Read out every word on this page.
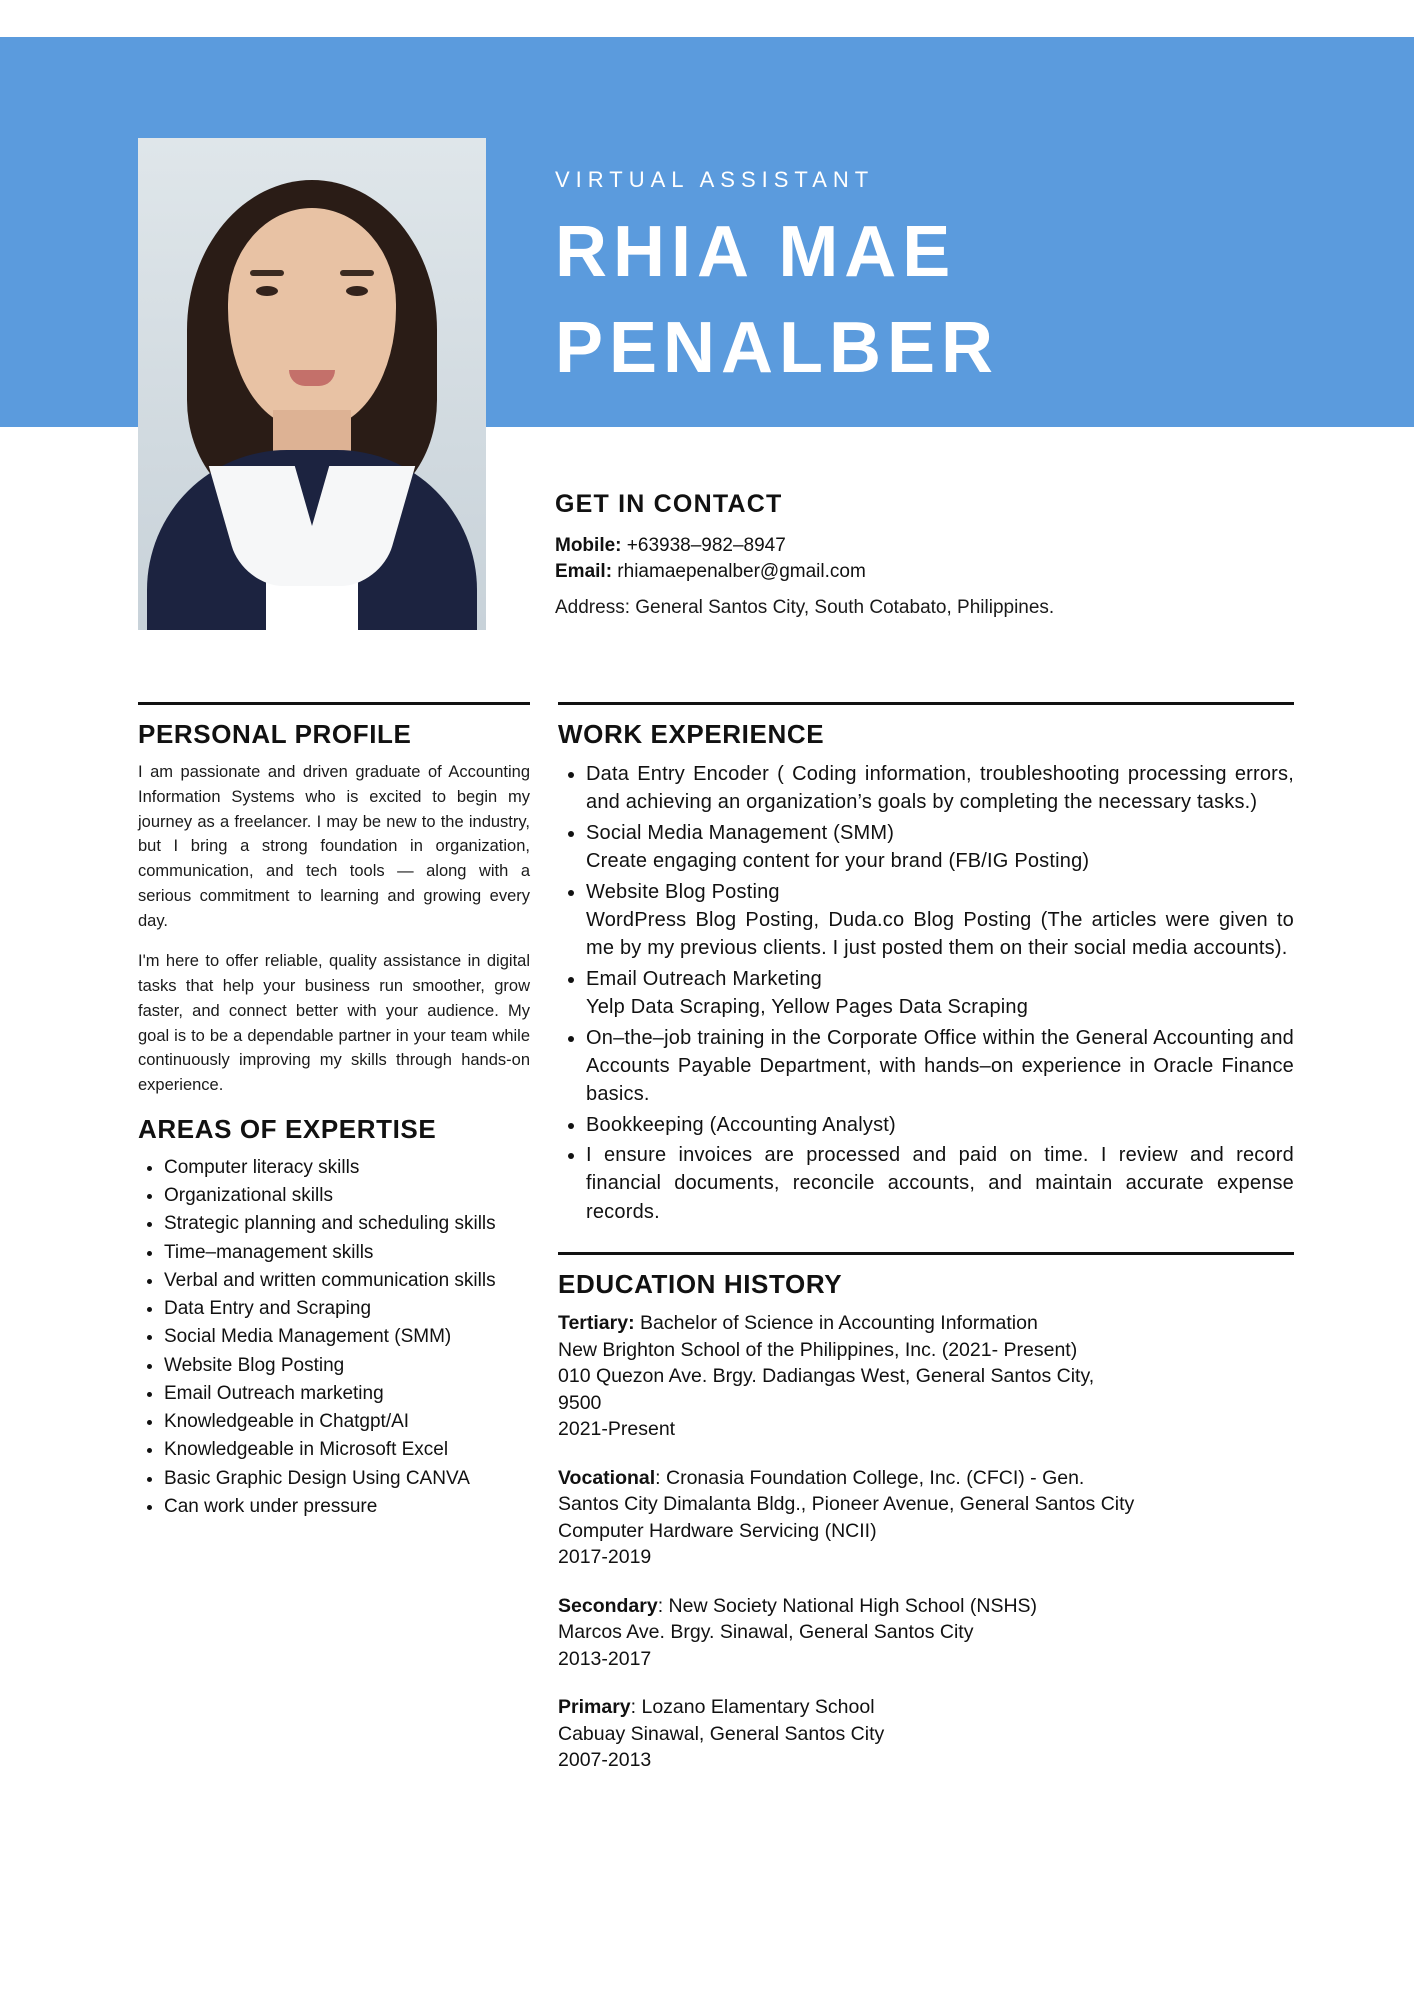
VIRTUAL ASSISTANT
RHIA MAE
PENALBER
GET IN CONTACT
Mobile: +63938–982–8947
Email: rhiamaepenalber@gmail.com
Address: General Santos City, South Cotabato, Philippines.
PERSONAL PROFILE

I am passionate and driven graduate of Accounting Information Systems who is excited to begin my journey as a freelancer. I may be new to the industry, but I bring a strong foundation in organization, communication, and tech tools — along with a serious commitment to learning and growing every day.

I'm here to offer reliable, quality assistance in digital tasks that help your business run smoother, grow faster, and connect better with your audience. My goal is to be a dependable partner in your team while continuously improving my skills through hands-on experience.

AREAS OF EXPERTISE
• Computer literacy skills
• Organizational skills
• Strategic planning and scheduling skills
• Time–management skills
• Verbal and written communication skills
• Data Entry and Scraping
• Social Media Management (SMM)
• Website Blog Posting
• Email Outreach marketing
• Knowledgeable in Chatgpt/AI
• Knowledgeable in Microsoft Excel
• Basic Graphic Design Using CANVA
• Can work under pressure
WORK EXPERIENCE
• Data Entry Encoder ( Coding information, troubleshooting processing errors, and achieving an organization’s goals by completing the necessary tasks.)
• Social Media Management (SMM)
Create engaging content for your brand (FB/IG Posting)
• Website Blog Posting
WordPress Blog Posting, Duda.co Blog Posting (The articles were given to me by my previous clients. I just posted them on their social media accounts).
• Email Outreach Marketing
Yelp Data Scraping, Yellow Pages Data Scraping
• On–the–job training in the Corporate Office within the General Accounting and Accounts Payable Department, with hands–on experience in Oracle Finance basics.
• Bookkeeping (Accounting Analyst)
• I ensure invoices are processed and paid on time. I review and record financial documents, reconcile accounts, and maintain accurate expense records.
EDUCATION HISTORY
Tertiary: Bachelor of Science in Accounting Information
New Brighton School of the Philippines, Inc. (2021- Present)
010 Quezon Ave. Brgy. Dadiangas West, General Santos City,
9500
2021-Present
Vocational: Cronasia Foundation College, Inc. (CFCI) - Gen.
Santos City Dimalanta Bldg., Pioneer Avenue, General Santos City
Computer Hardware Servicing (NCII)
2017-2019
Secondary: New Society National High School (NSHS)
Marcos Ave. Brgy. Sinawal, General Santos City
2013-2017
Primary: Lozano Elamentary School
Cabuay Sinawal, General Santos City
2007-2013
